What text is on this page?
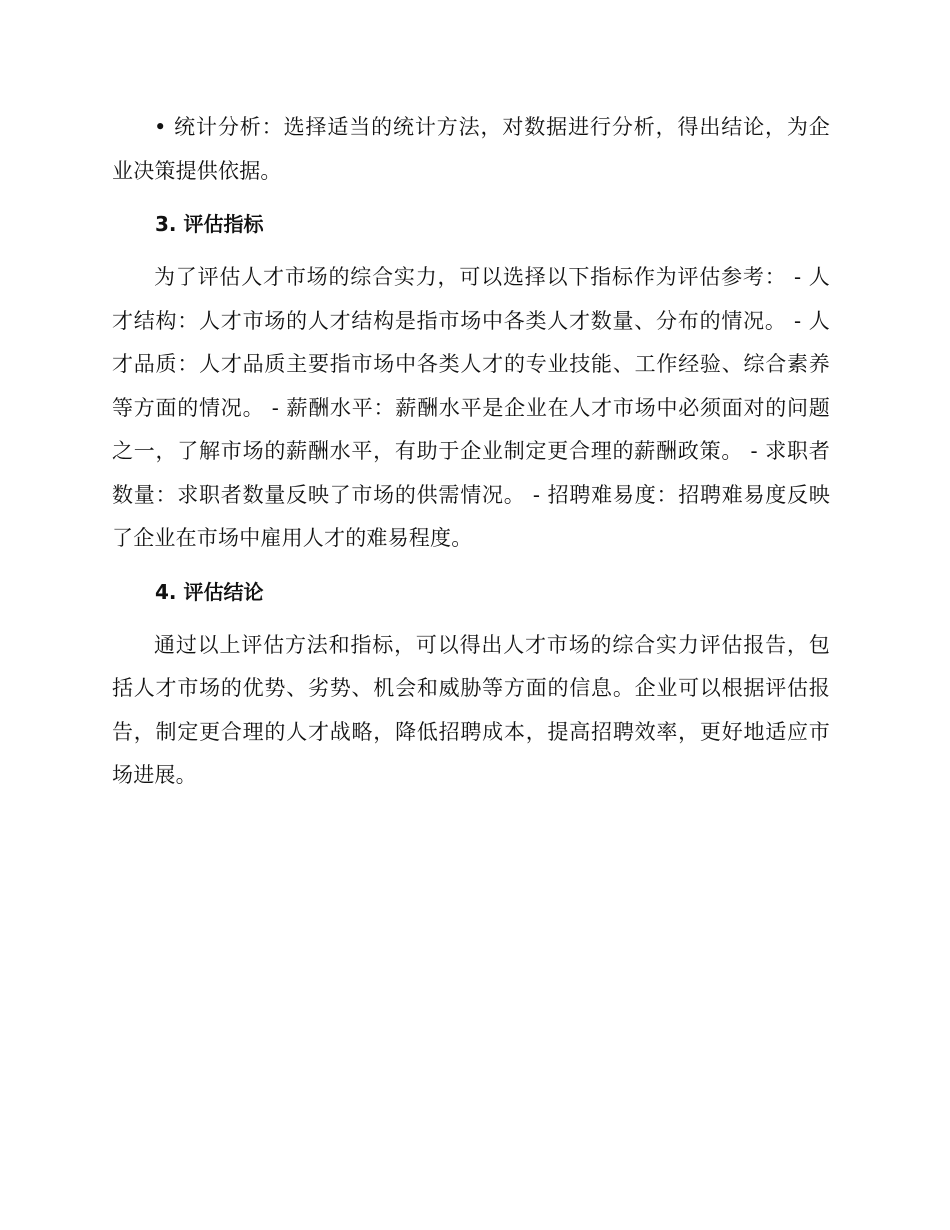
• 统计分析：选择适当的统计方法，对数据进行分析，得出结论，为企业决策提供依据。

3. 评估指标

为了评估人才市场的综合实力，可以选择以下指标作为评估参考： - 人才结构：人才市场的人才结构是指市场中各类人才数量、分布的情况。 - 人才品质：人才品质主要指市场中各类人才的专业技能、工作经验、综合素养等方面的情况。 - 薪酬水平：薪酬水平是企业在人才市场中必须面对的问题之一，了解市场的薪酬水平，有助于企业制定更合理的薪酬政策。 - 求职者数量：求职者数量反映了市场的供需情况。 - 招聘难易度：招聘难易度反映了企业在市场中雇用人才的难易程度。

4. 评估结论

通过以上评估方法和指标，可以得出人才市场的综合实力评估报告，包括人才市场的优势、劣势、机会和威胁等方面的信息。企业可以根据评估报告，制定更合理的人才战略，降低招聘成本，提高招聘效率，更好地适应市场进展。
